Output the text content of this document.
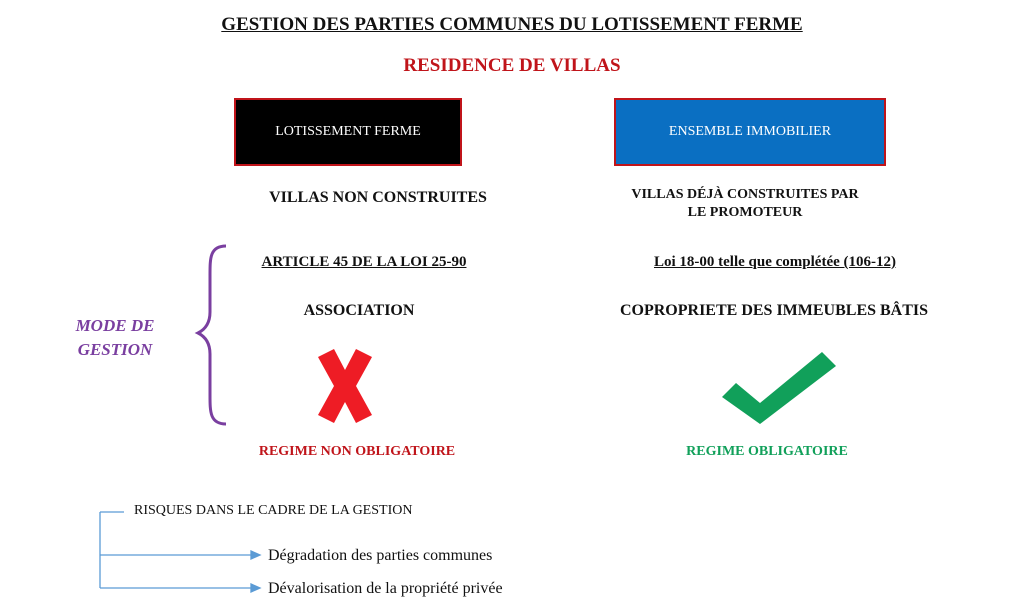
GESTION DES PARTIES COMMUNES DU LOTISSEMENT FERME
RESIDENCE DE VILLAS
LOTISSEMENT FERME	ENSEMBLE IMMOBILIER
VILLAS NON CONSTRUITES	VILLAS DÉJÀ CONSTRUITES PAR
LE PROMOTEUR
ARTICLE 45 DE LA LOI 25-90	Loi 18-00 telle que complétée (106-12)
ASSOCIATION	COPROPRIETE DES IMMEUBLES BÂTIS
MODE DE
GESTION
REGIME NON OBLIGATOIRE	REGIME OBLIGATOIRE
RISQUES DANS LE CADRE DE LA GESTION
Dégradation des parties communes
Dévalorisation de la propriété privée
